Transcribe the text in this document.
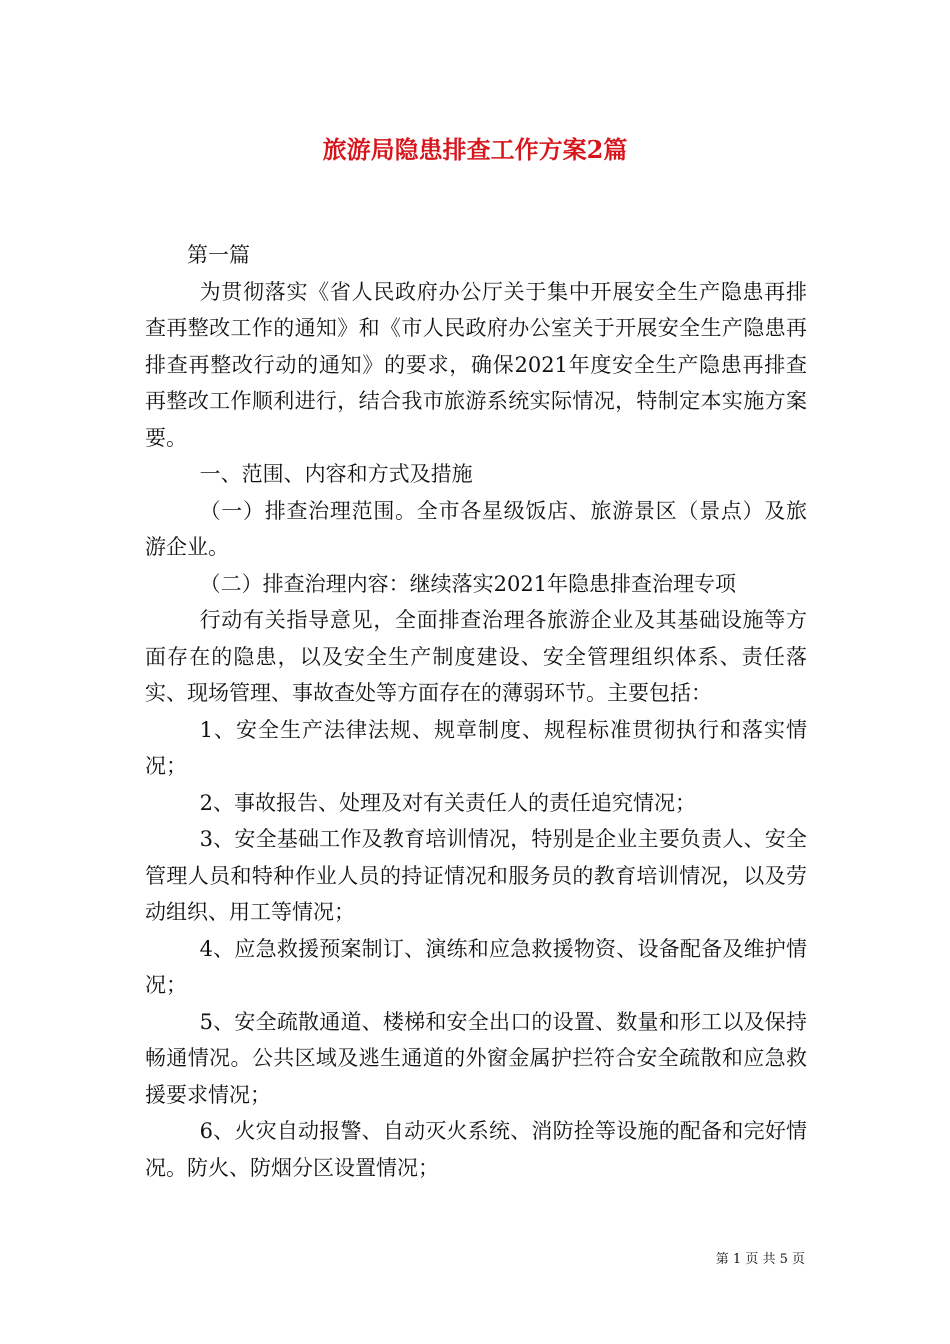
旅游局隐患排查工作方案2篇

第一篇

为贯彻落实《省人民政府办公厅关于集中开展安全生产隐患再排查再整改工作的通知》和《市人民政府办公室关于开展安全生产隐患再排查再整改行动的通知》的要求，确保2021年度安全生产隐患再排查再整改工作顺利进行，结合我市旅游系统实际情况，特制定本实施方案要。

一、范围、内容和方式及措施

（一）排查治理范围。全市各星级饭店、旅游景区（景点）及旅游企业。

（二）排查治理内容：继续落实2021年隐患排查治理专项

行动有关指导意见，全面排查治理各旅游企业及其基础设施等方面存在的隐患，以及安全生产制度建设、安全管理组织体系、责任落实、现场管理、事故查处等方面存在的薄弱环节。主要包括：

1、安全生产法律法规、规章制度、规程标准贯彻执行和落实情况；

2、事故报告、处理及对有关责任人的责任追究情况；

3、安全基础工作及教育培训情况，特别是企业主要负责人、安全管理人员和特种作业人员的持证情况和服务员的教育培训情况，以及劳动组织、用工等情况；

4、应急救援预案制订、演练和应急救援物资、设备配备及维护情况；

5、安全疏散通道、楼梯和安全出口的设置、数量和形工以及保持畅通情况。公共区域及逃生通道的外窗金属护拦符合安全疏散和应急救援要求情况；

6、火灾自动报警、自动灭火系统、消防拴等设施的配备和完好情况。防火、防烟分区设置情况；

第 1 页 共 5 页
